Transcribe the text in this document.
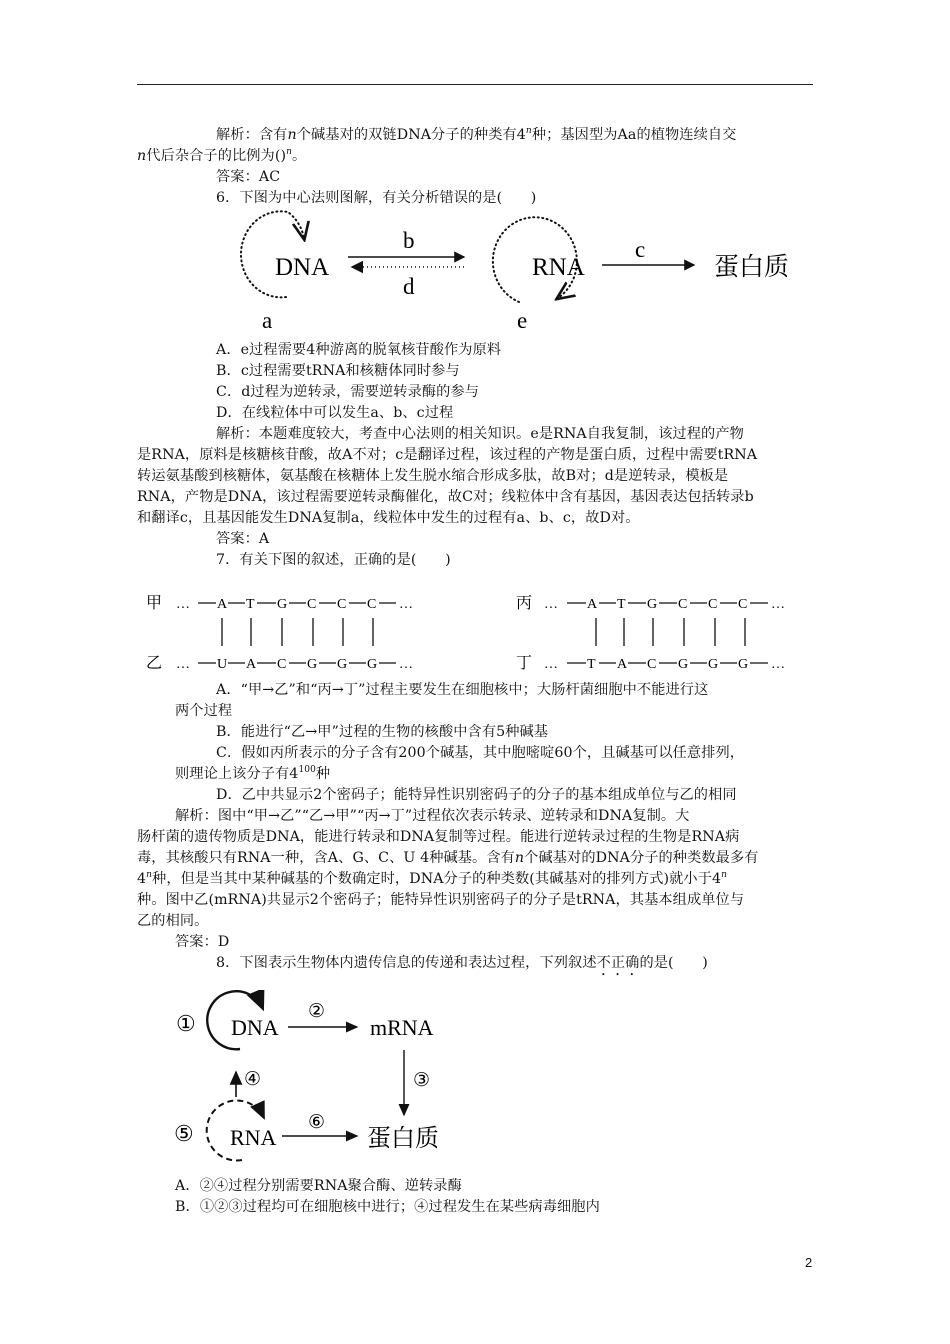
解析：含有n个碱基对的双链DNA分子的种类有4$^n$种；基因型为Aa的植物连续自交
n代后杂合子的比例为()$^n$。
答案：AC
6．下图为中心法则图解，有关分析错误的是(　　)
DNA
b
d
RNA
c
蛋白质
a	e
A．e过程需要4种游离的脱氧核苷酸作为原料
B．c过程需要tRNA和核糖体同时参与
C．d过程为逆转录，需要逆转录酶的参与
D．在线粒体中可以发生a、b、c过程
解析：本题难度较大，考查中心法则的相关知识。e是RNA自我复制，该过程的产物
是RNA，原料是核糖核苷酸，故A不对；c是翻译过程，该过程的产物是蛋白质，过程中需要tRNA
转运氨基酸到核糖体，氨基酸在核糖体上发生脱水缩合形成多肽，故B对；d是逆转录，模板是
RNA，产物是DNA，该过程需要逆转录酶催化，故C对；线粒体中含有基因，基因表达包括转录b
和翻译c，且基因能发生DNA复制a，线粒体中发生的过程有a、b、c，故D对。
答案：A
7．有关下图的叙述，正确的是(　　)
甲
乙
…
…
A T G C C C …
U A C G G G …
丙
丁
…
…
A T G C C C …
T A C G G G …
A．“甲→乙”和“丙→丁”过程主要发生在细胞核中；大肠杆菌细胞中不能进行这
两个过程
B．能进行“乙→甲”过程的生物的核酸中含有5种碱基
C．假如丙所表示的分子含有200个碱基，其中胞嘧啶60个，且碱基可以任意排列，
则理论上该分子有$4^{100}$种
D．乙中共显示2个密码子；能特异性识别密码子的分子的基本组成单位与乙的相同
解析：图中“甲→乙”“乙→甲”“丙→丁”过程依次表示转录、逆转录和DNA复制。大
肠杆菌的遗传物质是DNA，能进行转录和DNA复制等过程。能进行逆转录过程的生物是RNA病
毒，其核酸只有RNA一种，含A、G、C、U 4种碱基。含有n个碱基对的DNA分子的种类数最多有
4$^n$种，但是当其中某种碱基的个数确定时，DNA分子的种类数(其碱基对的排列方式)就小于4$^n$
种。图中乙(mRNA)共显示2个密码子；能特异性识别密码子的分子是tRNA，其基本组成单位与
乙的相同。
答案：D
8．下图表示生物体内遗传信息的传递和表达过程，下列叙述不正确的是(　　)
① DNA
②
mRNA
③
④
⑤ RNA
⑥
蛋白质
A．②④过程分别需要RNA聚合酶、逆转录酶
B．①②③过程均可在细胞核中进行；④过程发生在某些病毒细胞内
2
